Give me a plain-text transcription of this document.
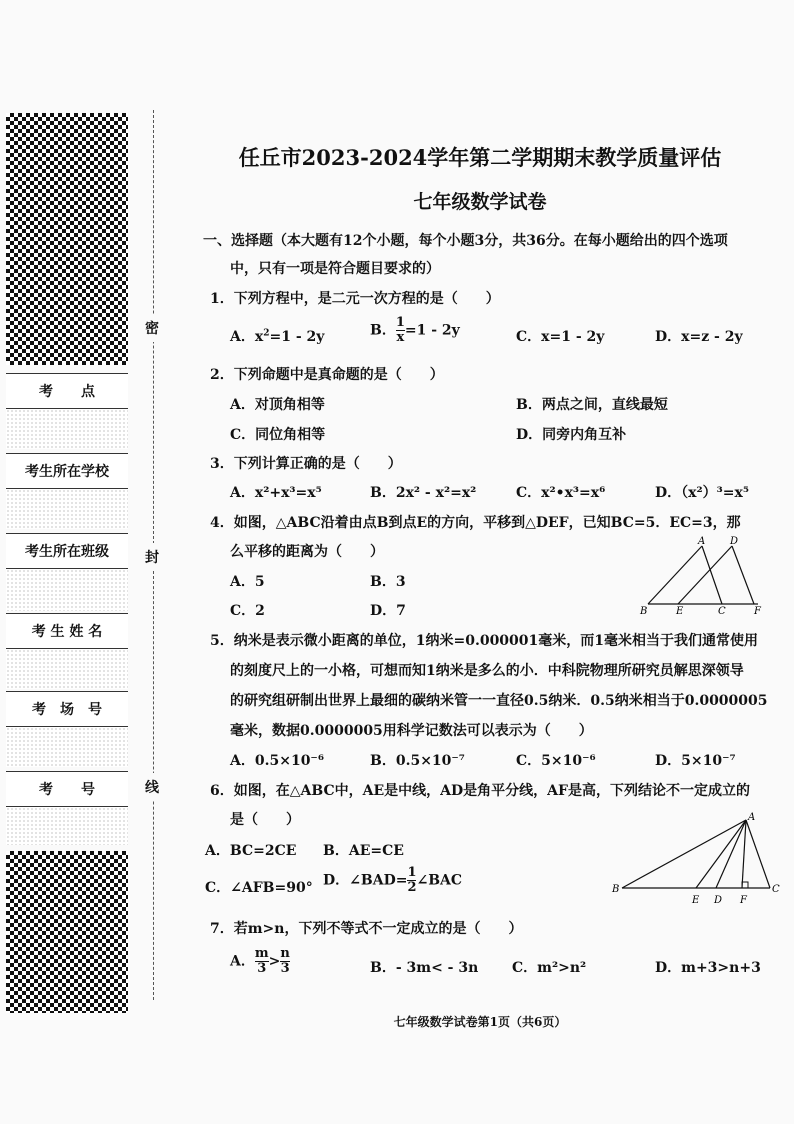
考　　点
考生所在学校
考生所在班级
考 生 姓 名
考　场　号
考　　号
密
封
线
任丘市2023-2024学年第二学期期末教学质量评估
七年级数学试卷
一、选择题（本大题有12个小题，每个小题3分，共36分。在每小题给出的四个选项
中，只有一项是符合题目要求的）
1．下列方程中，是二元一次方程的是（　　）
A．$x^2=1 - 2y$	B． $\frac{1}{x} =1 - 2y$	C．x=1 - 2y	D．x=z - 2y
2．下列命题中是真命题的是（　　）
A．对顶角相等	B．两点之间，直线最短
C．同位角相等	D．同旁内角互补
3．下列计算正确的是（　　）
A．x²+x³=x⁵	B．2x² - x²=x²	C．x²•x³=x⁶	D．（x²）³=x⁵
4．如图，△ABC沿着由点B到点E的方向，平移到△DEF，已知BC=5．EC=3，那
么平移的距离为（　　）
A．5	B．3
C．2	D．7
A D
B	E	C	F
5．纳米是表示微小距离的单位，1纳米=0.000001毫米，而1毫米相当于我们通常使用
的刻度尺上的一小格，可想而知1纳米是多么的小．中科院物理所研究员解思深领导
的研究组研制出世界上最细的碳纳米管一一直径0.5纳米．0.5纳米相当于0.0000005
毫米，数据0.0000005用科学记数法可以表示为（　　）
A．0.5×10⁻⁶	B．0.5×10⁻⁷	C．5×10⁻⁶	D．5×10⁻⁷
6．如图，在△ABC中，AE是中线，AD是角平分线，AF是高，下列结论不一定成立的
是（　　）
A．BC=2CE B．AE=CE
C．∠AFB=90° D．∠BAD= $\frac{1}{2}$ ∠BAC
A
B
E D F
C
7．若m>n，下列不等式不一定成立的是（　　）
A． $\frac{m}{3} > \frac{n}{3}$	B．- 3m< - 3n C．m²>n²	D．m+3>n+3
七年级数学试卷第1页（共6页）
